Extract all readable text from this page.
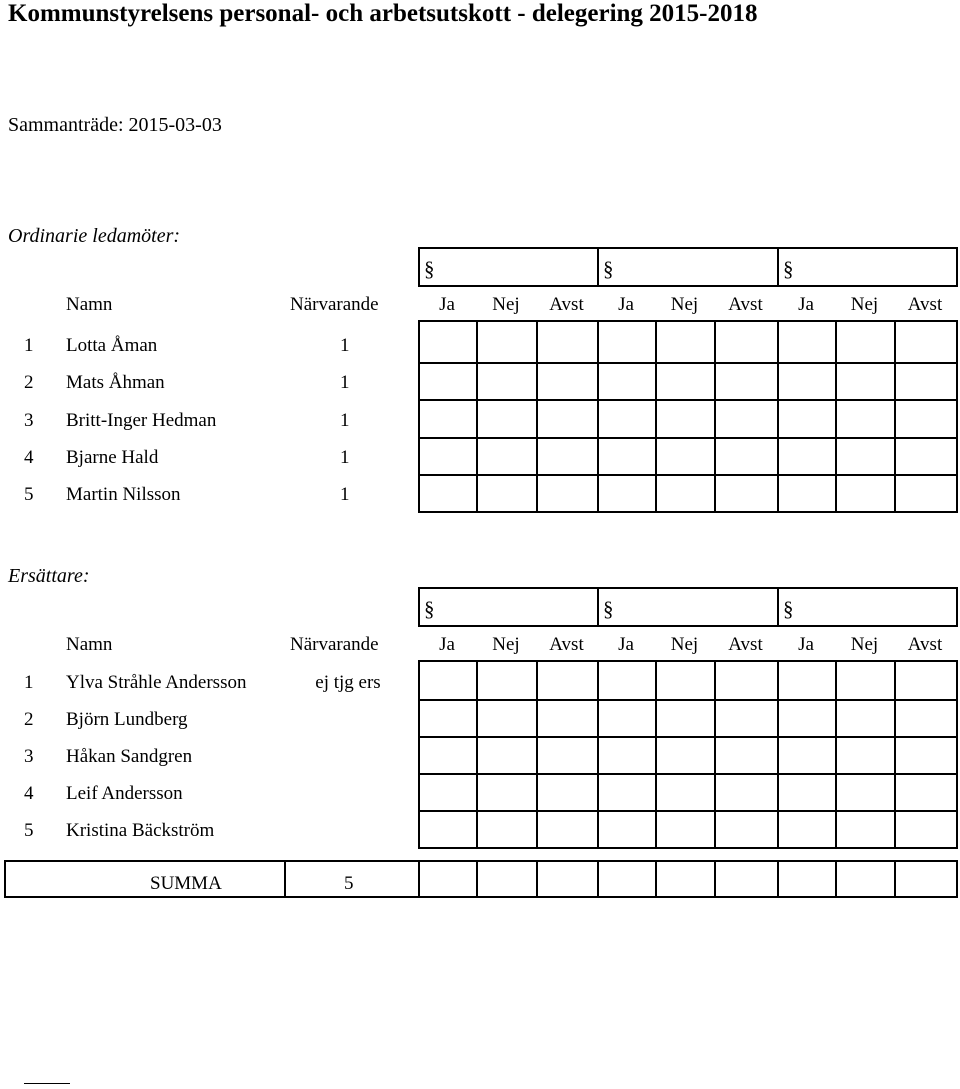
Kommunstyrelsens personal- och arbetsutskott - delegering 2015-2018
Sammanträde: 2015-03-03
Ordinarie ledamöter:
§	§	§
Namn	Närvarande	Ja	Nej	Avst	Ja	Nej	Avst	Ja	Nej	Avst
1 Lotta Åman	1
2 Mats Åhman	1
3 Britt-Inger Hedman	1
4 Bjarne Hald	1
5 Martin Nilsson	1
Ersättare:
§	§	§
Namn	Närvarande	Ja	Nej	Avst	Ja	Nej	Avst	Ja	Nej	Avst
1 Ylva Stråhle Andersson	ej tjg ers
2 Björn Lundberg
3 Håkan Sandgren
4 Leif Andersson
5 Kristina Bäckström
SUMMA	5
